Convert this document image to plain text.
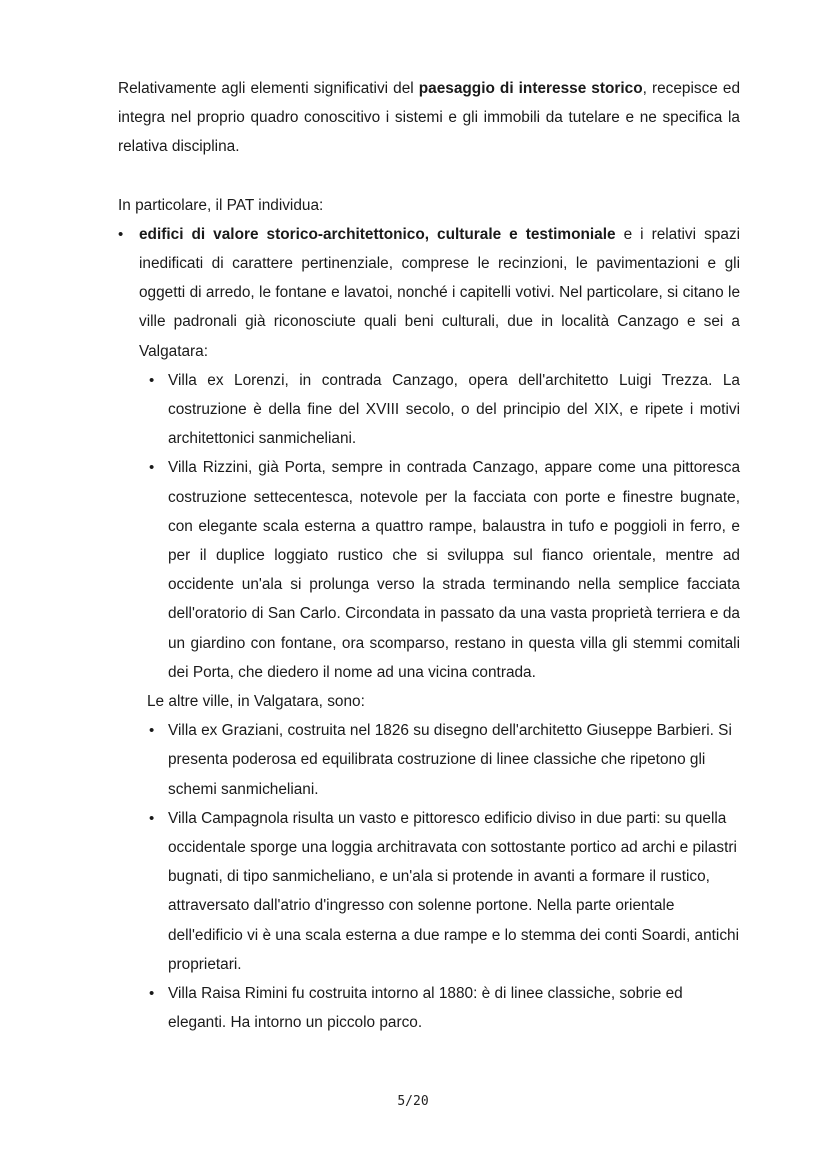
Relativamente agli elementi significativi del paesaggio di interesse storico, recepisce ed integra nel proprio quadro conoscitivo i sistemi e gli immobili da tutelare e ne specifica la relativa disciplina.

In particolare, il PAT individua:

• edifici di valore storico-architettonico, culturale e testimoniale e i relativi spazi inedificati di carattere pertinenziale, comprese le recinzioni, le pavimentazioni e gli oggetti di arredo, le fontane e lavatoi, nonché i capitelli votivi. Nel particolare, si citano le ville padronali già riconosciute quali beni culturali, due in località Canzago e sei a Valgatara:
• Villa ex Lorenzi, in contrada Canzago, opera dell'architetto Luigi Trezza. La costruzione è della fine del XVIII secolo, o del principio del XIX, e ripete i motivi architettonici sanmicheliani.
• Villa Rizzini, già Porta, sempre in contrada Canzago, appare come una pittoresca costruzione settecentesca, notevole per la facciata con porte e finestre bugnate, con elegante scala esterna a quattro rampe, balaustra in tufo e poggioli in ferro, e per il duplice loggiato rustico che si sviluppa sul fianco orientale, mentre ad occidente un'ala si prolunga verso la strada terminando nella semplice facciata dell'oratorio di San Carlo. Circondata in passato da una vasta proprietà terriera e da un giardino con fontane, ora scomparso, restano in questa villa gli stemmi comitali dei Porta, che diedero il nome ad una vicina contrada.

Le altre ville, in Valgatara, sono:

• Villa ex Graziani, costruita nel 1826 su disegno dell'architetto Giuseppe Barbieri. Si presenta poderosa ed equilibrata costruzione di linee classiche che ripetono gli schemi sanmicheliani.
• Villa Campagnola risulta un vasto e pittoresco edificio diviso in due parti: su quella occidentale sporge una loggia architravata con sottostante portico ad archi e pilastri bugnati, di tipo sanmicheliano, e un'ala si protende in avanti a formare il rustico, attraversato dall'atrio d'ingresso con solenne portone. Nella parte orientale dell'edificio vi è una scala esterna a due rampe e lo stemma dei conti Soardi, antichi proprietari.
• Villa Raisa Rimini fu costruita intorno al 1880: è di linee classiche, sobrie ed eleganti. Ha intorno un piccolo parco.
5/20
